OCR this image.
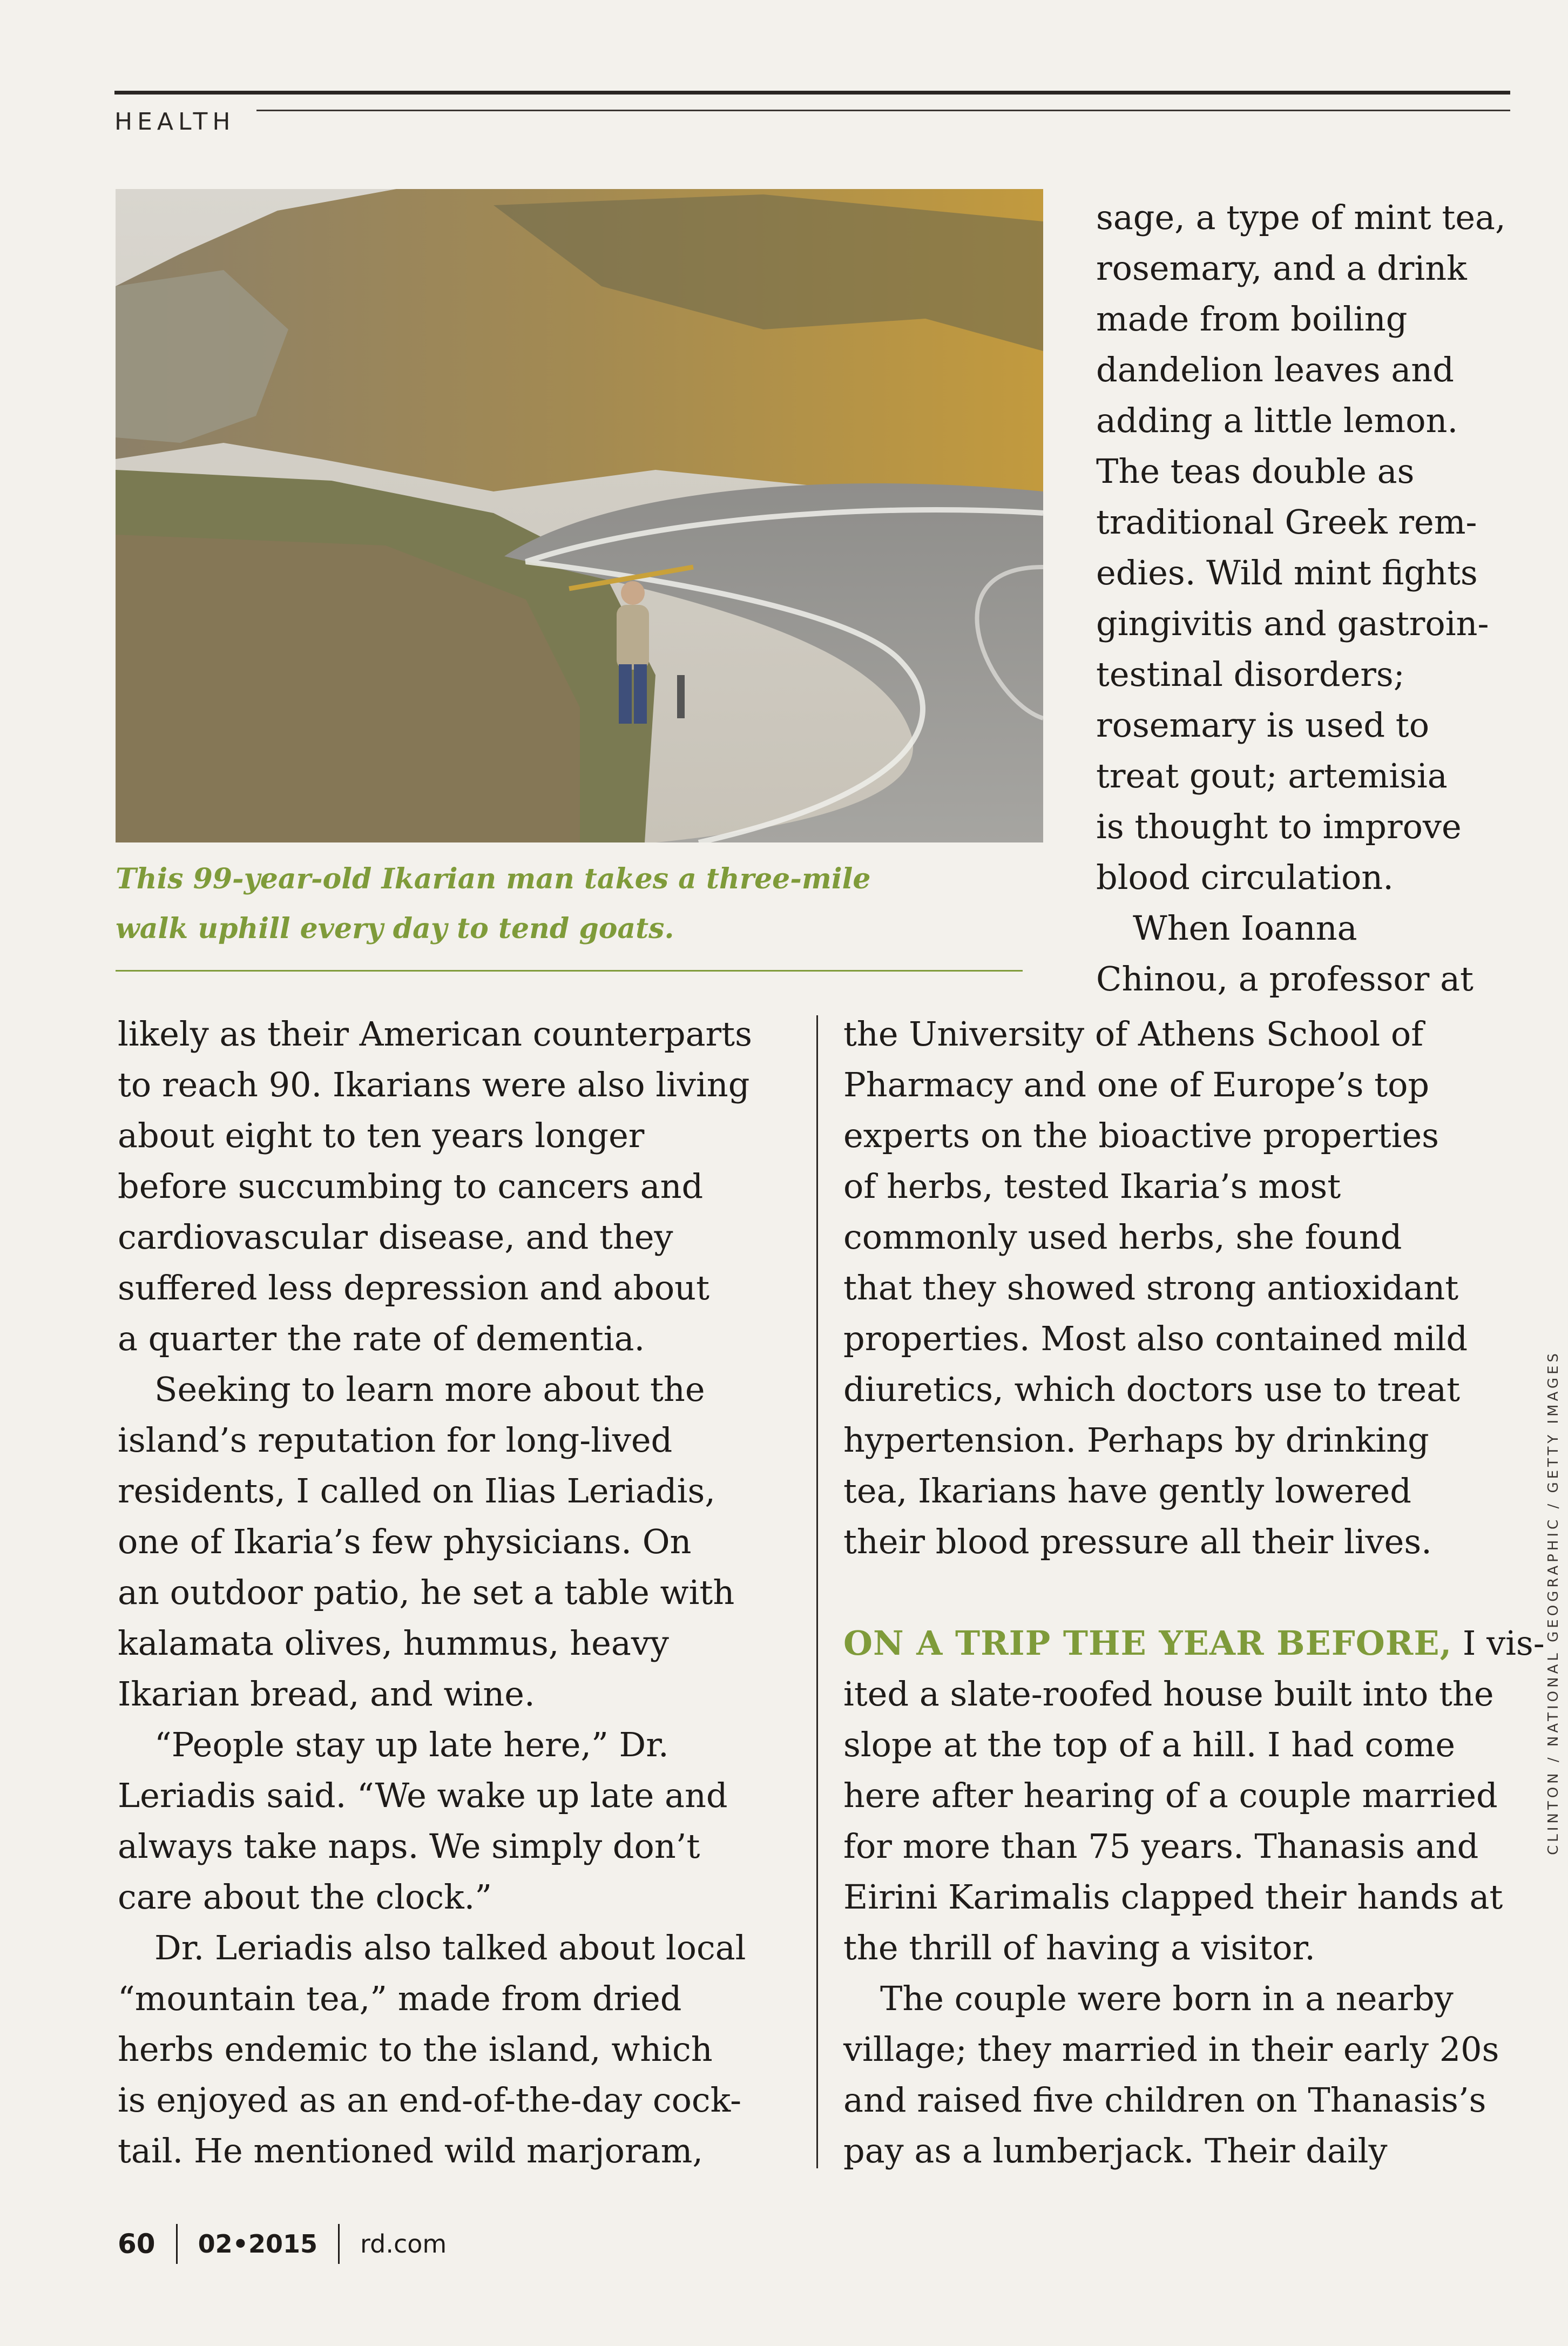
HEALTH
This 99-year-old Ikarian man takes a three-mile
walk uphill every day to tend goats.
sage, a type of mint tea,
rosemary, and a drink
made from boiling
dandelion leaves and
adding a little lemon.
The teas double as
traditional Greek rem-
edies. Wild mint fights
gingivitis and gastroin-
testinal disorders;
rosemary is used to
treat gout; artemisia
is thought to improve
blood circulation.
When Ioanna
Chinou, a professor at
likely as their American counterparts
to reach 90. Ikarians were also living
about eight to ten years longer
before succumbing to cancers and
cardiovascular disease, and they
suffered less depression and about
a quarter the rate of dementia.
Seeking to learn more about the
island’s reputation for long-lived
residents, I called on Ilias Leriadis,
one of Ikaria’s few physicians. On
an outdoor patio, he set a table with
kalamata olives, hummus, heavy
Ikarian bread, and wine.
“People stay up late here,” Dr.
Leriadis said. “We wake up late and
always take naps. We simply don’t
care about the clock.”
Dr. Leriadis also talked about local
“mountain tea,” made from dried
herbs endemic to the island, which
is enjoyed as an end-of-the-day cock-
tail. He mentioned wild marjoram,
the University of Athens School of
Pharmacy and one of Europe’s top
experts on the bioactive properties
of herbs, tested Ikaria’s most
commonly used herbs, she found
that they showed strong antioxidant
properties. Most also contained mild
diuretics, which doctors use to treat
hypertension. Perhaps by drinking
tea, Ikarians have gently lowered
their blood pressure all their lives.
ON A TRIP THE YEAR BEFORE, I vis-
ited a slate-roofed house built into the
slope at the top of a hill. I had come
here after hearing of a couple married
for more than 75 years. Thanasis and
Eirini Karimalis clapped their hands at
the thrill of having a visitor.
The couple were born in a nearby
village; they married in their early 20s
and raised five children on Thanasis’s
pay as a lumberjack. Their daily
60 02•2015 rd.com
CLINTON / NATIONAL GEOGRAPHIC / GETTY IMAGES
